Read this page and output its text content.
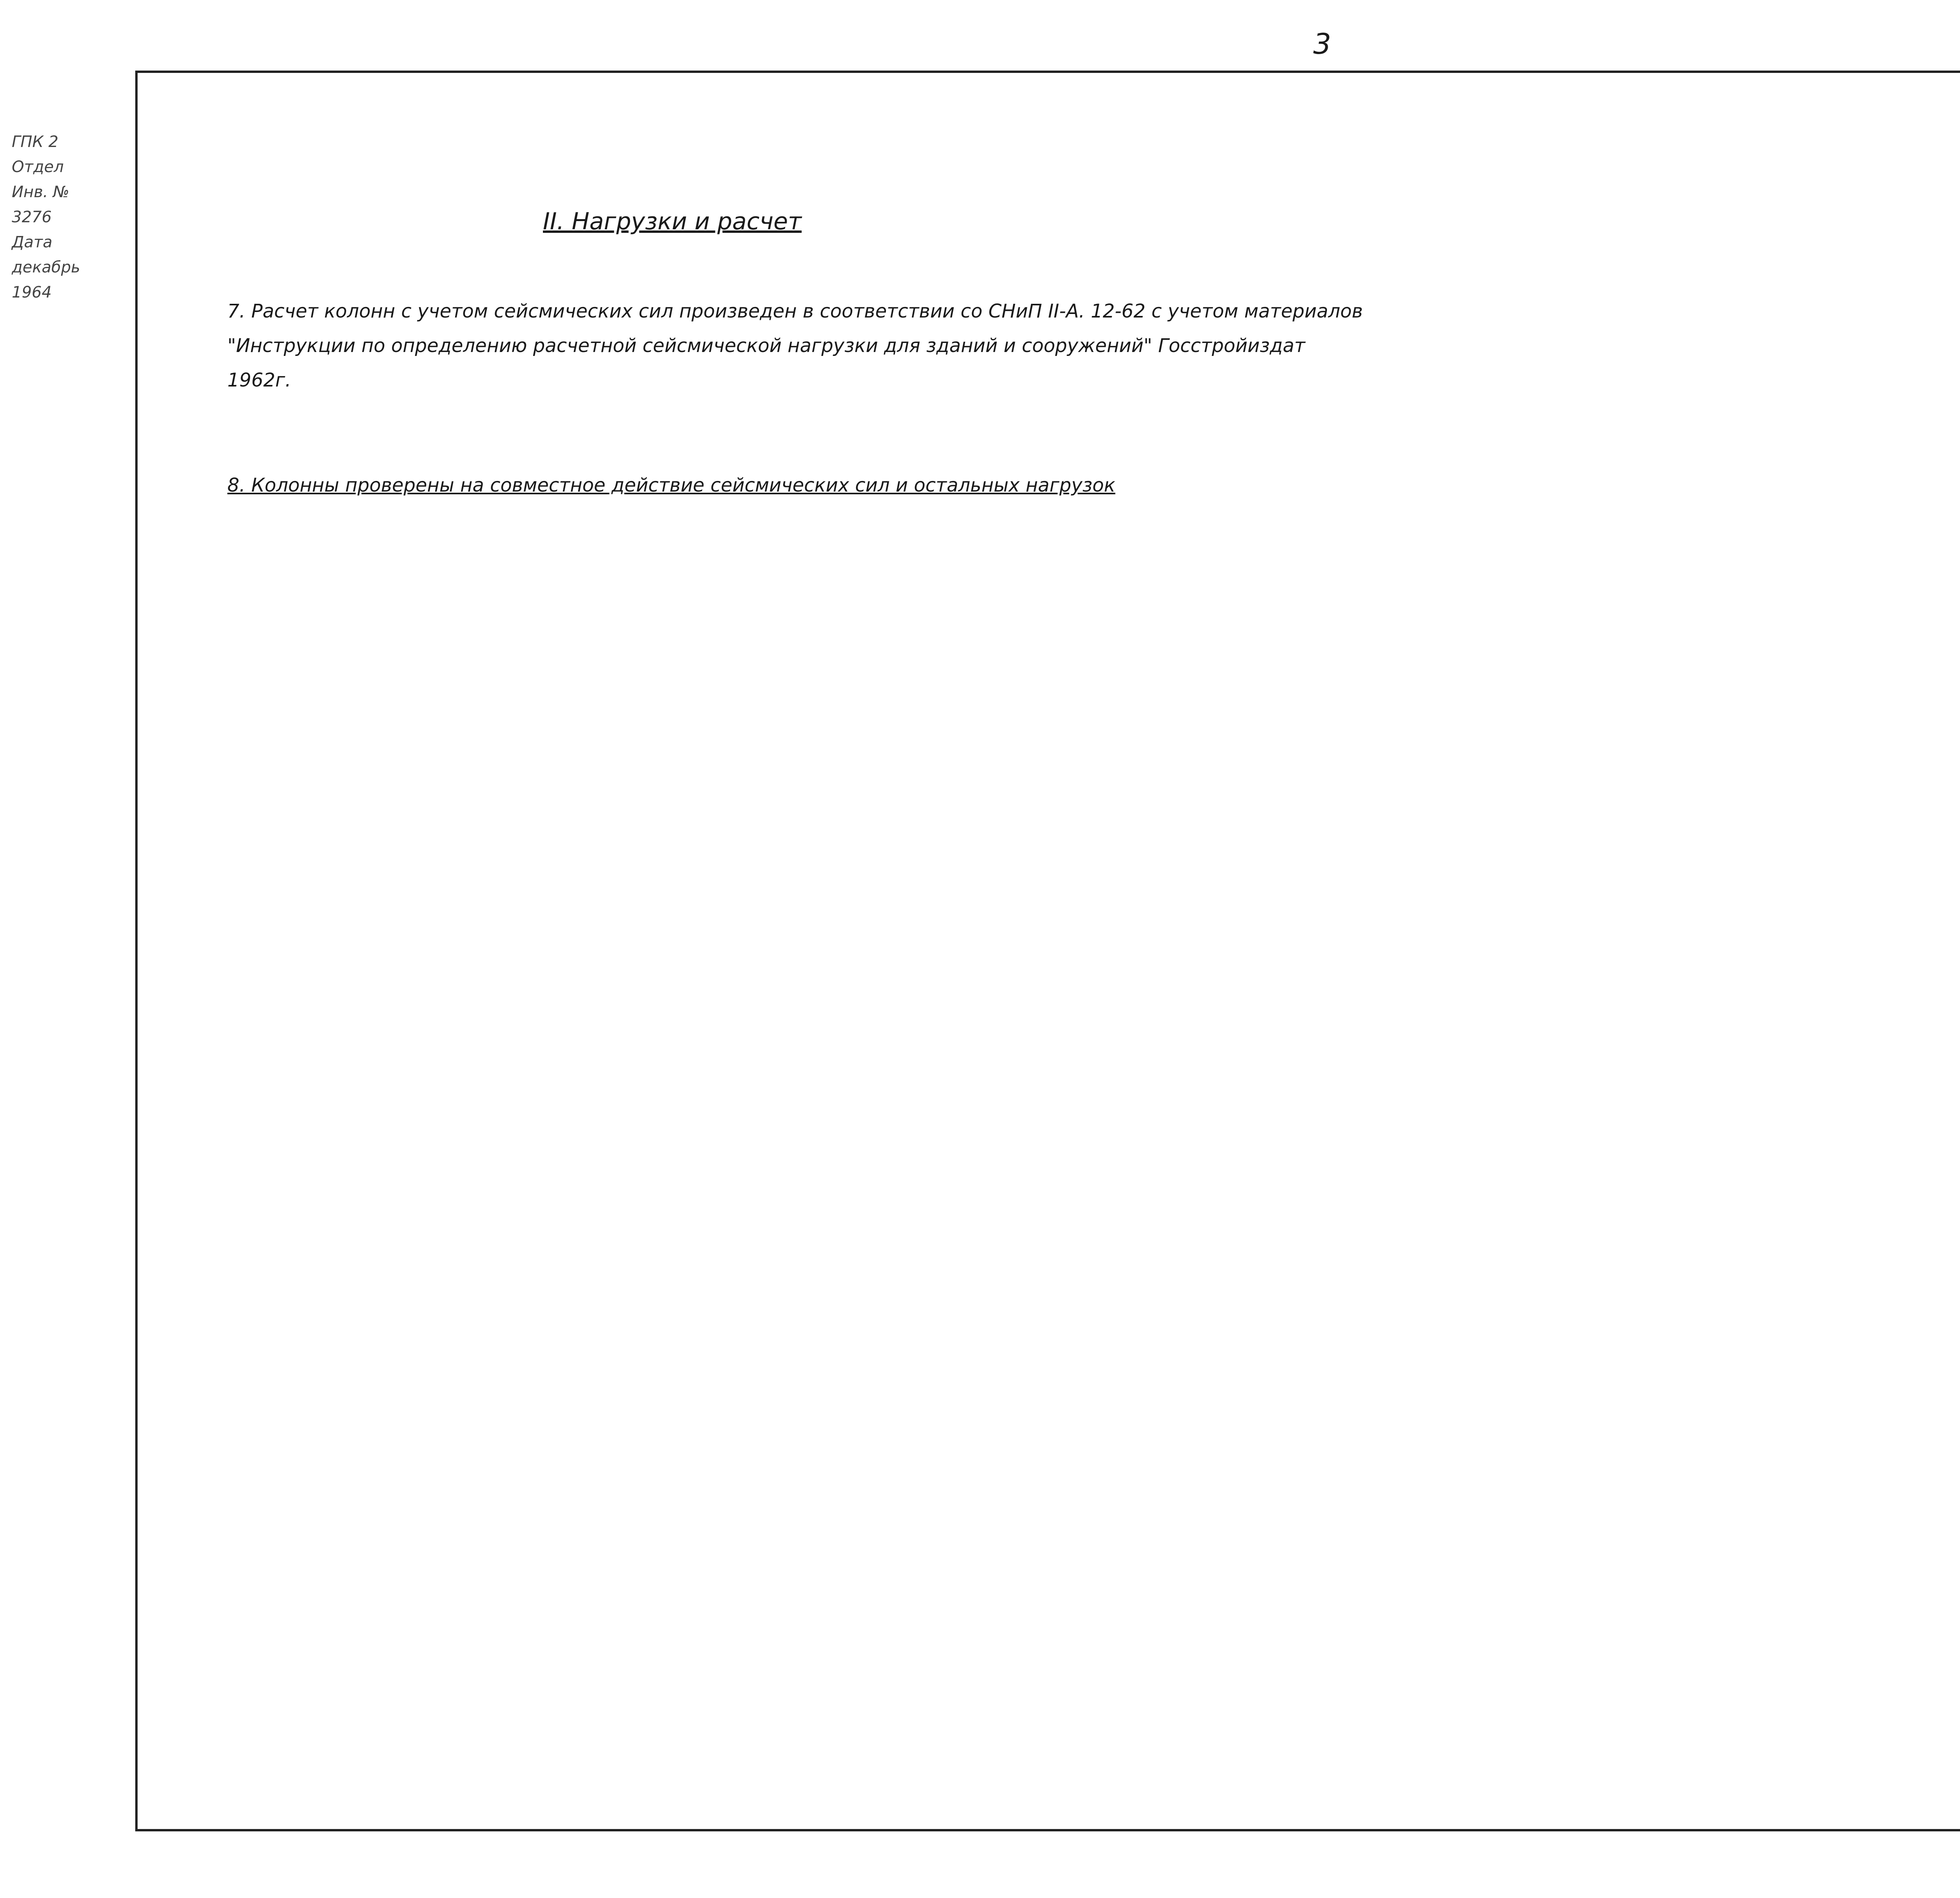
3
ГПК 2 Отдел
Инв. № 3276
Дата декабрь 1964
II. Нагрузки и расчет
7. Расчет колонн с учетом сейсмических сил произведен в соответствии со СНиП II-А. 12-62 с учетом материалов "Инструкции по определению расчетной сейсмической нагрузки для зданий и сооружений" Госстройиздат 1962г.
8. Колонны проверены на совместное действие сейсмических сил и остальных нагрузок
